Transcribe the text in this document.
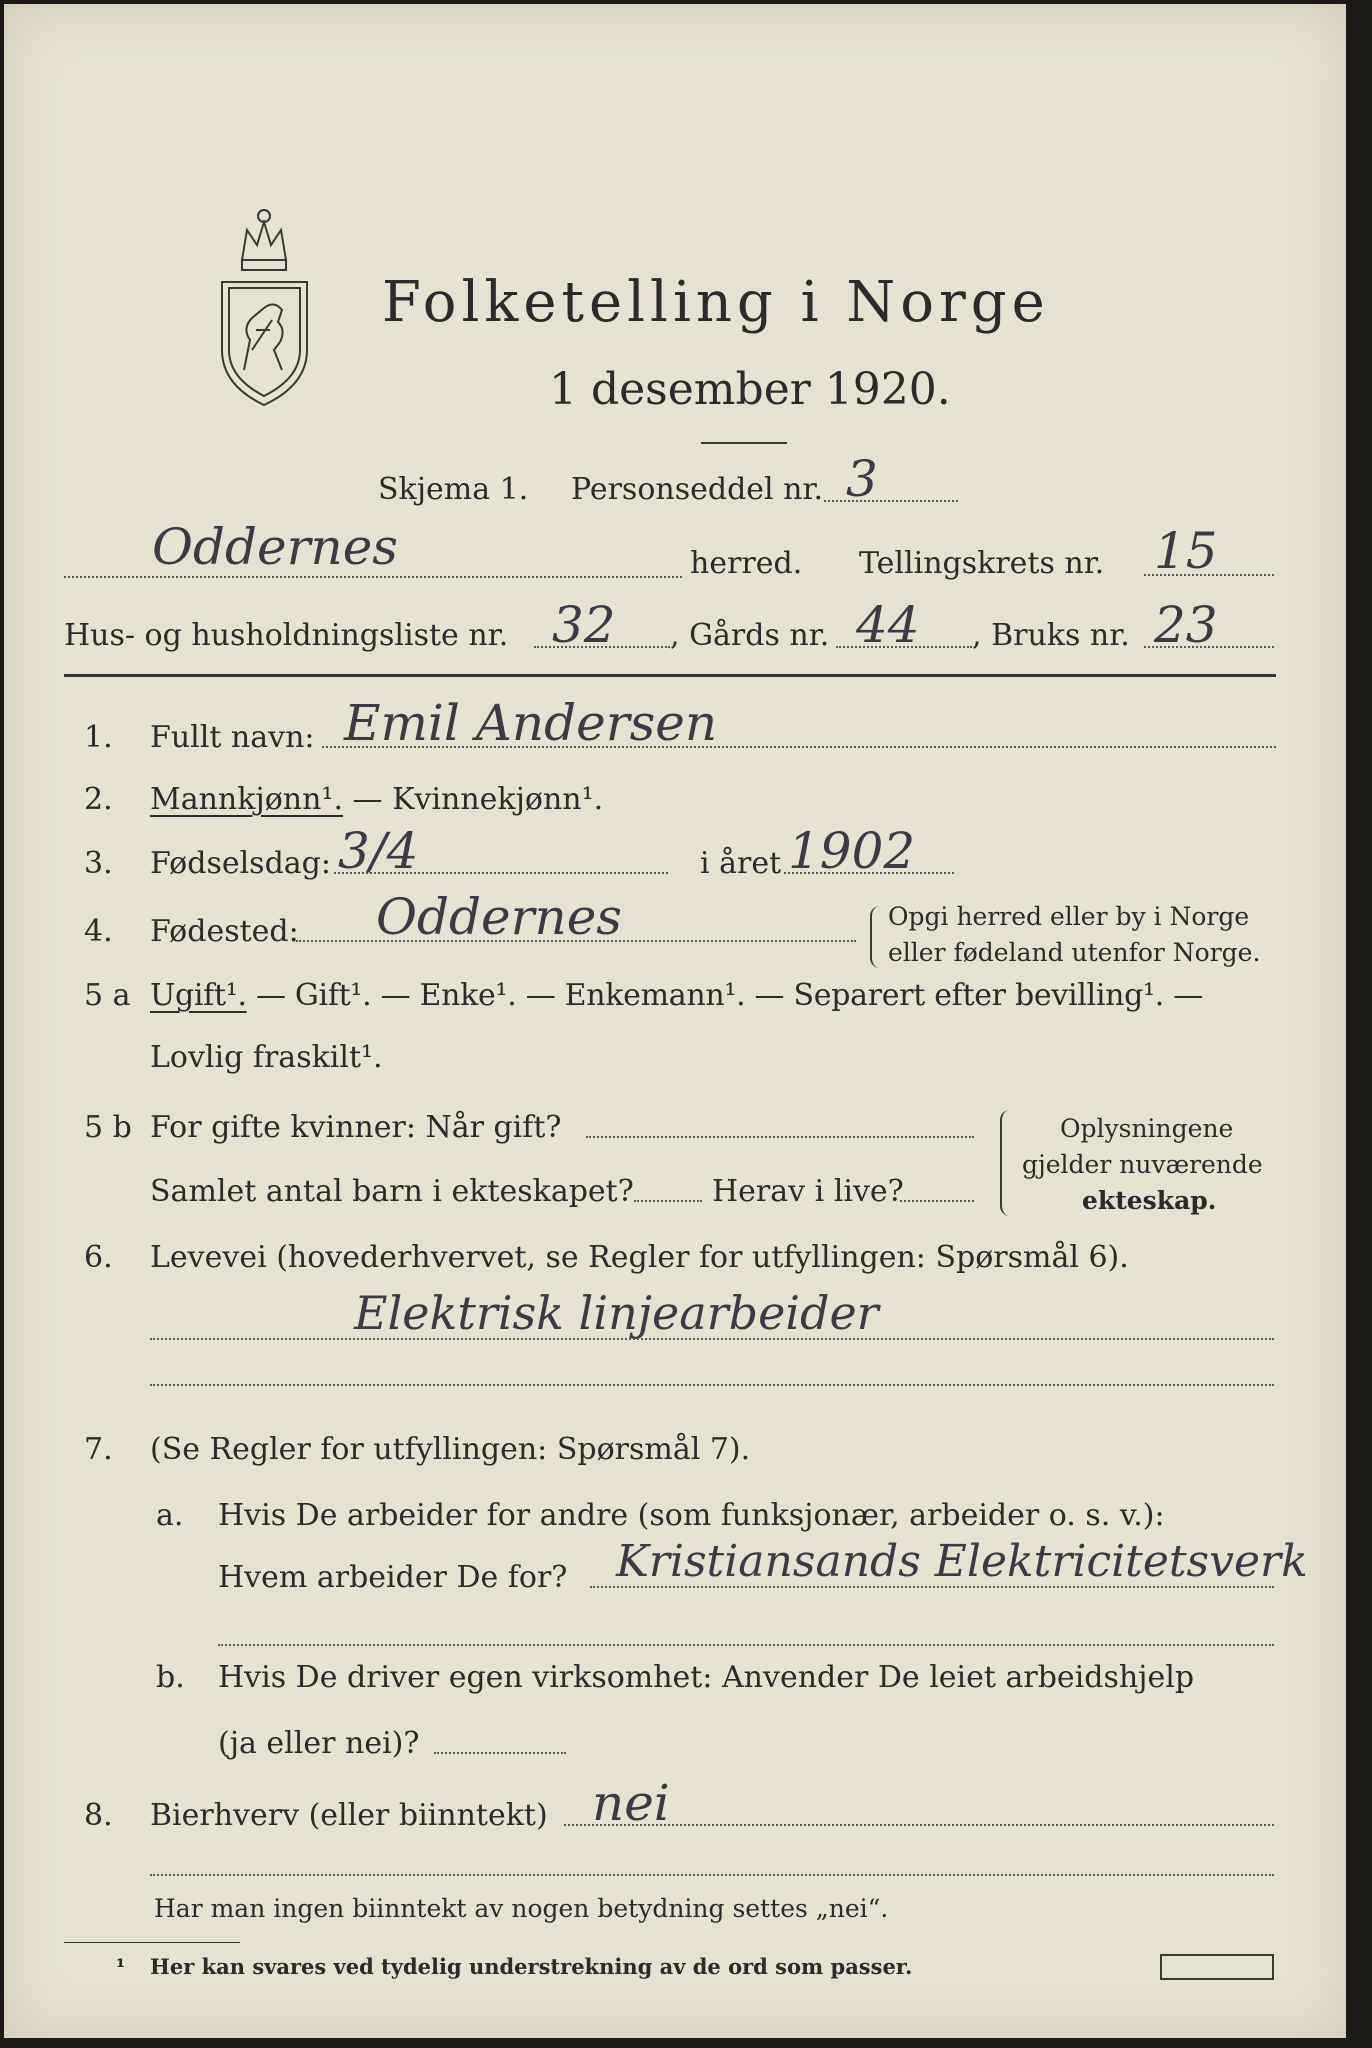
Folketelling i Norge
1 desember 1920.
Skjema 1. Personseddel nr. 3
Oddernes	herred. Tellingskrets nr. 15
Hus- og husholdningsliste nr. 32 , Gårds nr. 44 , Bruks nr. 23
1. Fullt navn: Emil Andersen
2. Mannkjønn¹. — Kvinnekjønn¹.
3. Fødselsdag: 3/4	i året 1902
4. Fødested: Oddernes	Opgi herred eller by i Norge
eller fødeland utenfor Norge.
5 a Ugift¹. — Gift¹. — Enke¹. — Enkemann¹. — Separert efter bevilling¹. —
Lovlig fraskilt¹.
5 b For gifte kvinner: Når gift?
Samlet antal barn i ekteskapet?	Herav i live?
Oplysningene
gjelder nuværende
ekteskap.
6. Levevei (hovederhvervet, se Regler for utfyllingen: Spørsmål 6).
Elektrisk linjearbeider
7. (Se Regler for utfyllingen: Spørsmål 7).
a. Hvis De arbeider for andre (som funksjonær, arbeider o. s. v.):
Hvem arbeider De for? Kristiansands Elektricitetsverk
b. Hvis De driver egen virksomhet: Anvender De leiet arbeidshjelp
(ja eller nei)?
8. Bierhverv (eller biinntekt) nei
Har man ingen biinntekt av nogen betydning settes „nei“.
¹ Her kan svares ved tydelig understrekning av de ord som passer.
